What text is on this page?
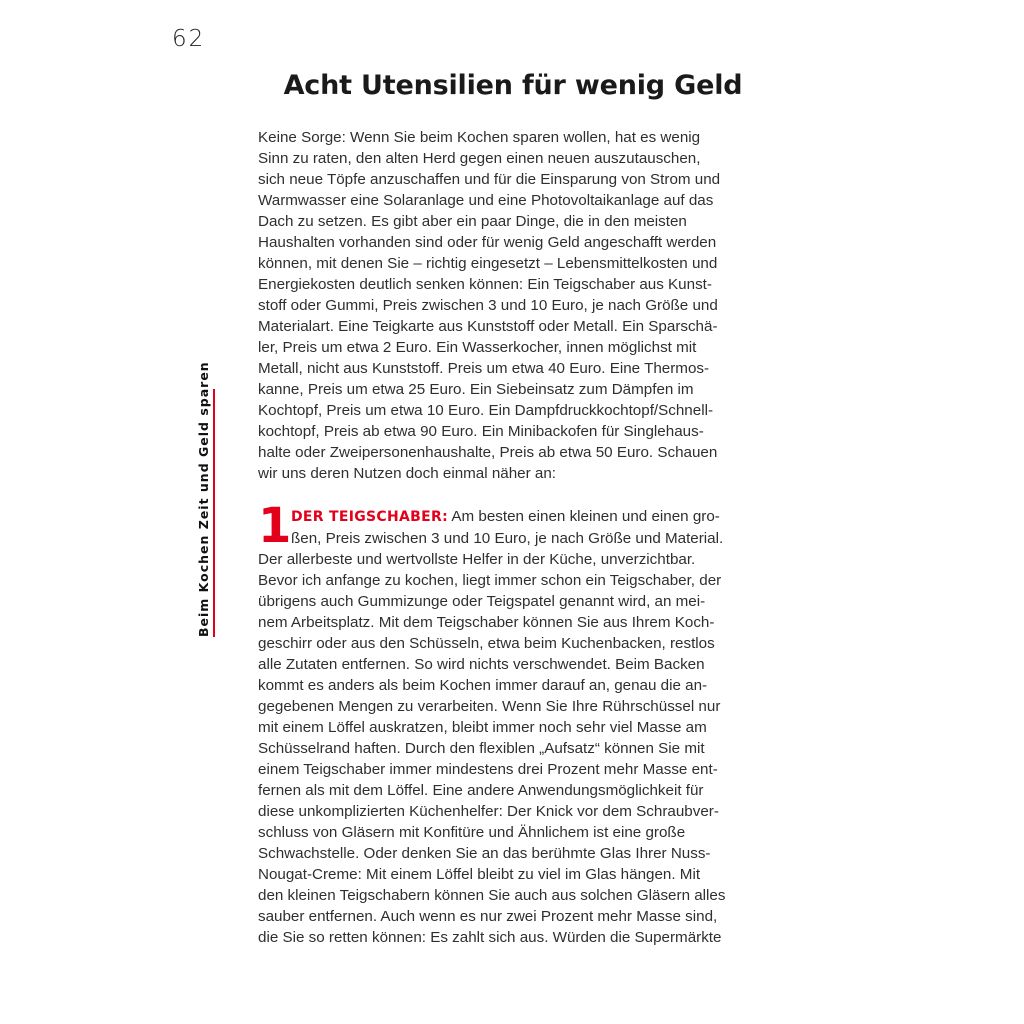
62
Beim Kochen Zeit und Geld sparen
Acht Utensilien für wenig Geld
Keine Sorge: Wenn Sie beim Kochen sparen wollen, hat es wenig
Sinn zu raten, den alten Herd gegen einen neuen auszutauschen,
sich neue Töpfe anzuschaffen und für die Einsparung von Strom und
Warmwasser eine Solaranlage und eine Photovoltaikanlage auf das
Dach zu setzen. Es gibt aber ein paar Dinge, die in den meisten
Haushalten vorhanden sind oder für wenig Geld angeschafft werden
können, mit denen Sie – richtig eingesetzt – Lebensmittelkosten und
Energiekosten deutlich senken können: Ein Teigschaber aus Kunst-
stoff oder Gummi, Preis zwischen 3 und 10 Euro, je nach Größe und
Materialart. Eine Teigkarte aus Kunststoff oder Metall. Ein Sparschä-
ler, Preis um etwa 2 Euro. Ein Wasserkocher, innen möglichst mit
Metall, nicht aus Kunststoff. Preis um etwa 40 Euro. Eine Thermos-
kanne, Preis um etwa 25 Euro. Ein Siebeinsatz zum Dämpfen im
Kochtopf, Preis um etwa 10 Euro. Ein Dampfdruckkochtopf/Schnell-
kochtopf, Preis ab etwa 90 Euro. Ein Minibackofen für Singlehaus-
halte oder Zweipersonenhaushalte, Preis ab etwa 50 Euro. Schauen
wir uns deren Nutzen doch einmal näher an:
1 DER TEIGSCHABER: Am besten einen kleinen und einen gro-
ßen, Preis zwischen 3 und 10 Euro, je nach Größe und Material.
Der allerbeste und wertvollste Helfer in der Küche, unverzichtbar.
Bevor ich anfange zu kochen, liegt immer schon ein Teigschaber, der
übrigens auch Gummizunge oder Teigspatel genannt wird, an mei-
nem Arbeitsplatz. Mit dem Teigschaber können Sie aus Ihrem Koch-
geschirr oder aus den Schüsseln, etwa beim Kuchenbacken, restlos
alle Zutaten entfernen. So wird nichts verschwendet. Beim Backen
kommt es anders als beim Kochen immer darauf an, genau die an-
gegebenen Mengen zu verarbeiten. Wenn Sie Ihre Rührschüssel nur
mit einem Löffel auskratzen, bleibt immer noch sehr viel Masse am
Schüsselrand haften. Durch den flexiblen „Aufsatz“ können Sie mit
einem Teigschaber immer mindestens drei Prozent mehr Masse ent-
fernen als mit dem Löffel. Eine andere Anwendungsmöglichkeit für
diese unkomplizierten Küchenhelfer: Der Knick vor dem Schraubver-
schluss von Gläsern mit Konfitüre und Ähnlichem ist eine große
Schwachstelle. Oder denken Sie an das berühmte Glas Ihrer Nuss-
Nougat-Creme: Mit einem Löffel bleibt zu viel im Glas hängen. Mit
den kleinen Teigschabern können Sie auch aus solchen Gläsern alles
sauber entfernen. Auch wenn es nur zwei Prozent mehr Masse sind,
die Sie so retten können: Es zahlt sich aus. Würden die Supermärkte
